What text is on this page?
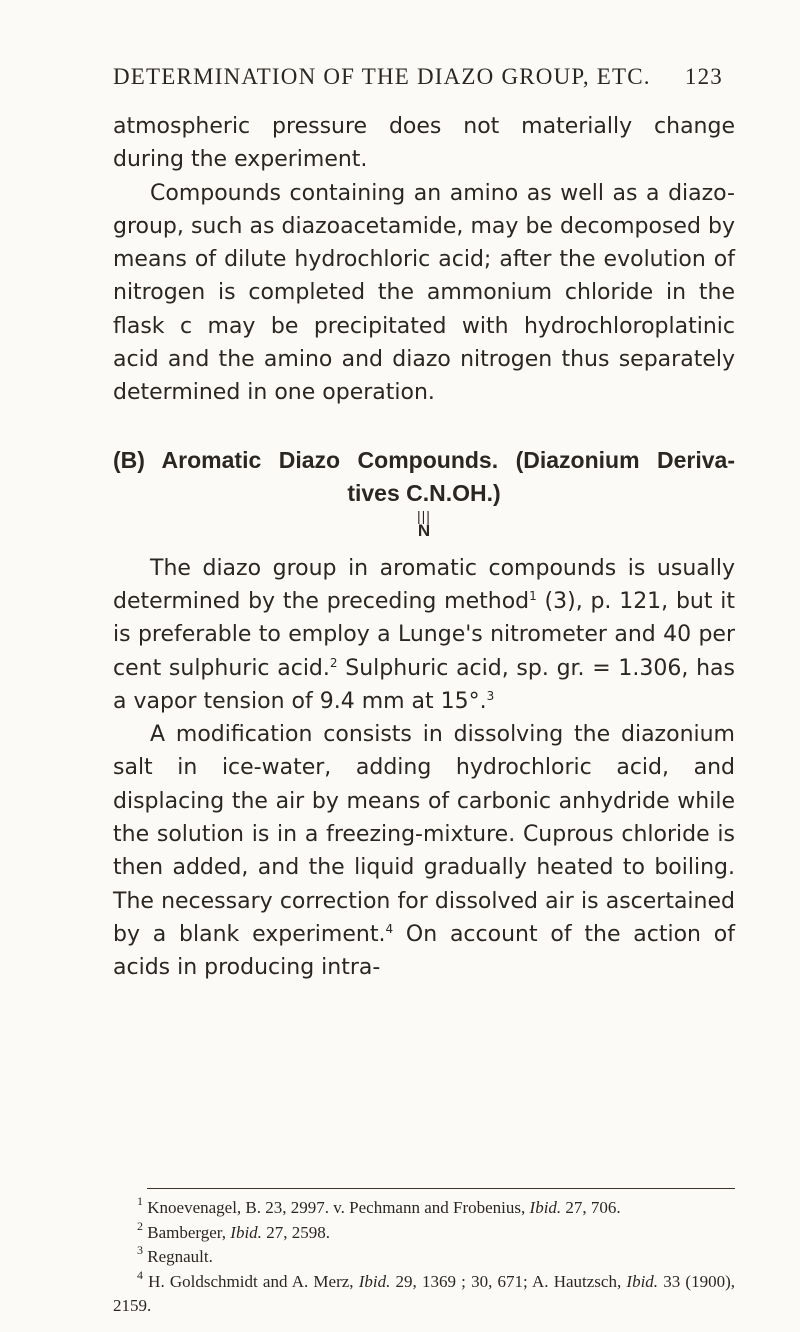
DETERMINATION OF THE DIAZO GROUP, ETC. 123

atmospheric pressure does not materially change during the experiment.

Compounds containing an amino as well as a diazo-group, such as diazoacetamide, may be decomposed by means of dilute hydrochloric acid; after the evolution of nitrogen is completed the ammonium chloride in the flask c may be precipitated with hydrochloroplatinic acid and the amino and diazo nitrogen thus separately determined in one operation.

(B) Aromatic Diazo Compounds. (Diazonium Deriva-
tives C.N.OH.)
|||
N

The diazo group in aromatic compounds is usually determined by the preceding method$^1$ (3), p. 121, but it is preferable to employ a Lunge's nitrometer and 40 per cent sulphuric acid.$^2$ Sulphuric acid, sp. gr. = 1.306, has a vapor tension of 9.4 mm at 15°.$^3$

A modification consists in dissolving the diazonium salt in ice-water, adding hydrochloric acid, and displacing the air by means of carbonic anhydride while the solution is in a freezing-mixture. Cuprous chloride is then added, and the liquid gradually heated to boiling. The necessary correction for dissolved air is ascertained by a blank experiment.$^4$ On account of the action of acids in producing intra-

$^1$ Knoevenagel, B. 23, 2997. v. Pechmann and Frobenius, Ibid. 27, 706.

$^2$ Bamberger, Ibid. 27, 2598.

$^3$ Regnault.

$^4$ H. Goldschmidt and A. Merz, Ibid. 29, 1369 ; 30, 671; A. Hautzsch, Ibid. 33 (1900), 2159.
